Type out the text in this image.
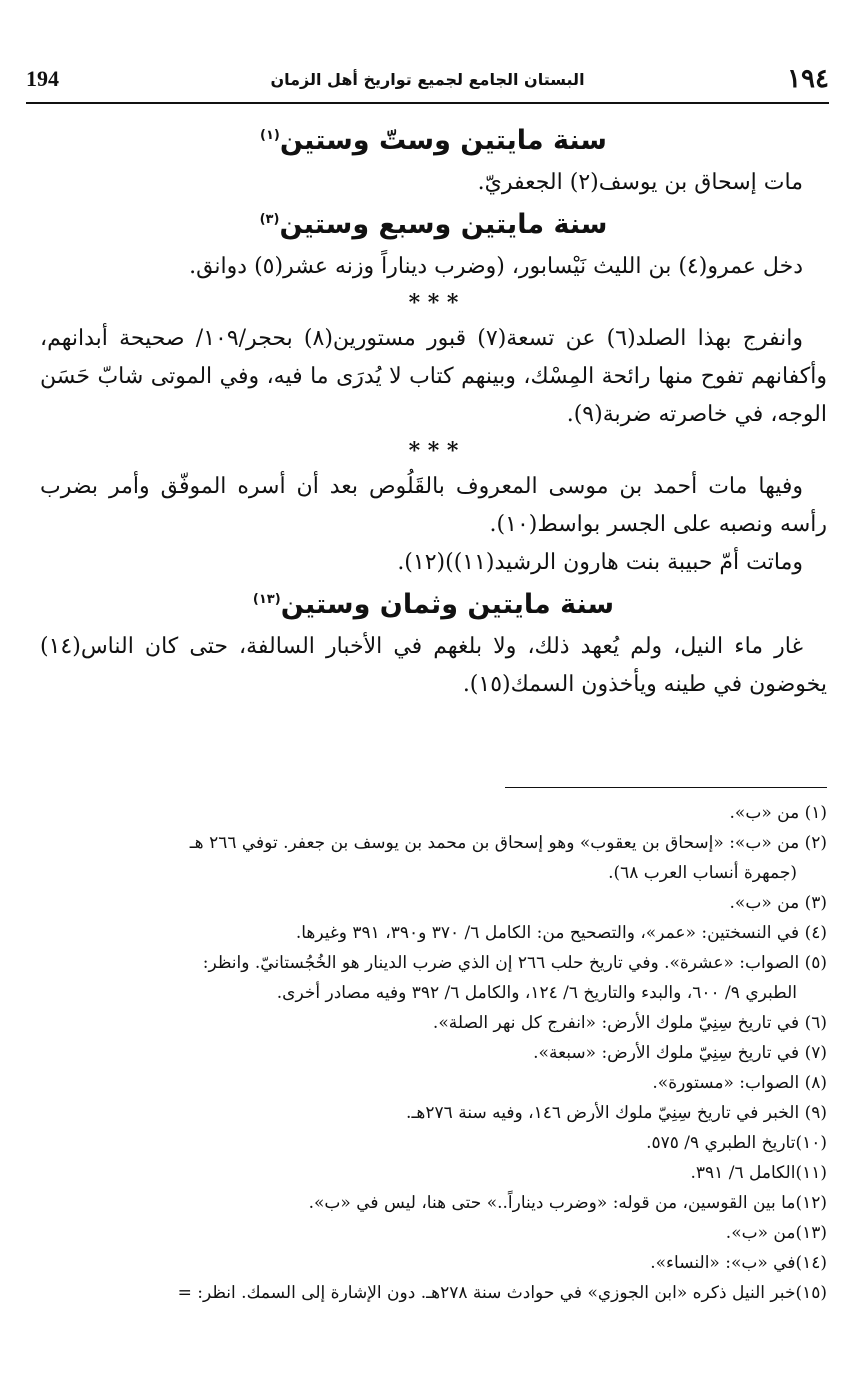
١٩٤
البستان الجامع لجميع تواريخ أهل الزمان
194
سنة مايتين وستّ وستين$^{(١)}$

مات إسحاق بن يوسف(٢) الجعفريّ.

سنة مايتين وسبع وستين$^{(٣)}$

دخل عمرو(٤) بن الليث نَيْسابور، (وضرب ديناراً وزنه عشر(٥) دوانق.

* * *

وانفرج بهذا الصلد(٦) عن تسعة(٧) قبور مستورين(٨) بحجر/١٠٩/ صحيحة أبدانهم، وأكفانهم تفوح منها رائحة المِسْك، وبينهم كتاب لا يُدرَى ما فيه، وفي الموتى شابّ حَسَن الوجه، في خاصرته ضربة(٩).

* * *

وفيها مات أحمد بن موسى المعروف بالقَلُوص بعد أن أسره الموفّق وأمر بضرب رأسه ونصبه على الجسر بواسط(١٠).

وماتت أمّ حبيبة بنت هارون الرشيد(١١))(١٢).

سنة مايتين وثمان وستين$^{(١٣)}$

غار ماء النيل، ولم يُعهد ذلك، ولا بلغهم في الأخبار السالفة، حتى كان الناس(١٤) يخوضون في طينه ويأخذون السمك(١٥).

(١) من «ب».

(٢) من «ب»: «إسحاق بن يعقوب» وهو إسحاق بن محمد بن يوسف بن جعفر. توفي ٢٦٦ هـ

(جمهرة أنساب العرب ٦٨).

(٣) من «ب».

(٤) في النسختين: «عمر»، والتصحيح من: الكامل ٦/ ٣٧٠ و٣٩٠، ٣٩١ وغيرها.

(٥) الصواب: «عشرة». وفي تاريخ حلب ٢٦٦ إن الذي ضرب الدينار هو الخُجُستانيّ. وانظر:

الطبري ٩/ ٦٠٠، والبدء والتاريخ ٦/ ١٢٤، والكامل ٦/ ٣٩٢ وفيه مصادر أخرى.

(٦) في تاريخ سِنِيّ ملوك الأرض: «انفرج كل نهر الصلة».

(٧) في تاريخ سِنِيّ ملوك الأرض: «سبعة».

(٨) الصواب: «مستورة».

(٩) الخبر في تاريخ سِنِيّ ملوك الأرض ١٤٦، وفيه سنة ٢٧٦هـ.

(١٠)تاريخ الطبري ٩/ ٥٧٥.

(١١)الكامل ٦/ ٣٩١.

(١٢)ما بين القوسين، من قوله: «وضرب ديناراً..» حتى هنا، ليس في «ب».

(١٣)من «ب».

(١٤)في «ب»: «النساء».

(١٥)خبر النيل ذكره «ابن الجوزي» في حوادث سنة ٢٧٨هـ. دون الإشارة إلى السمك. انظر: =
